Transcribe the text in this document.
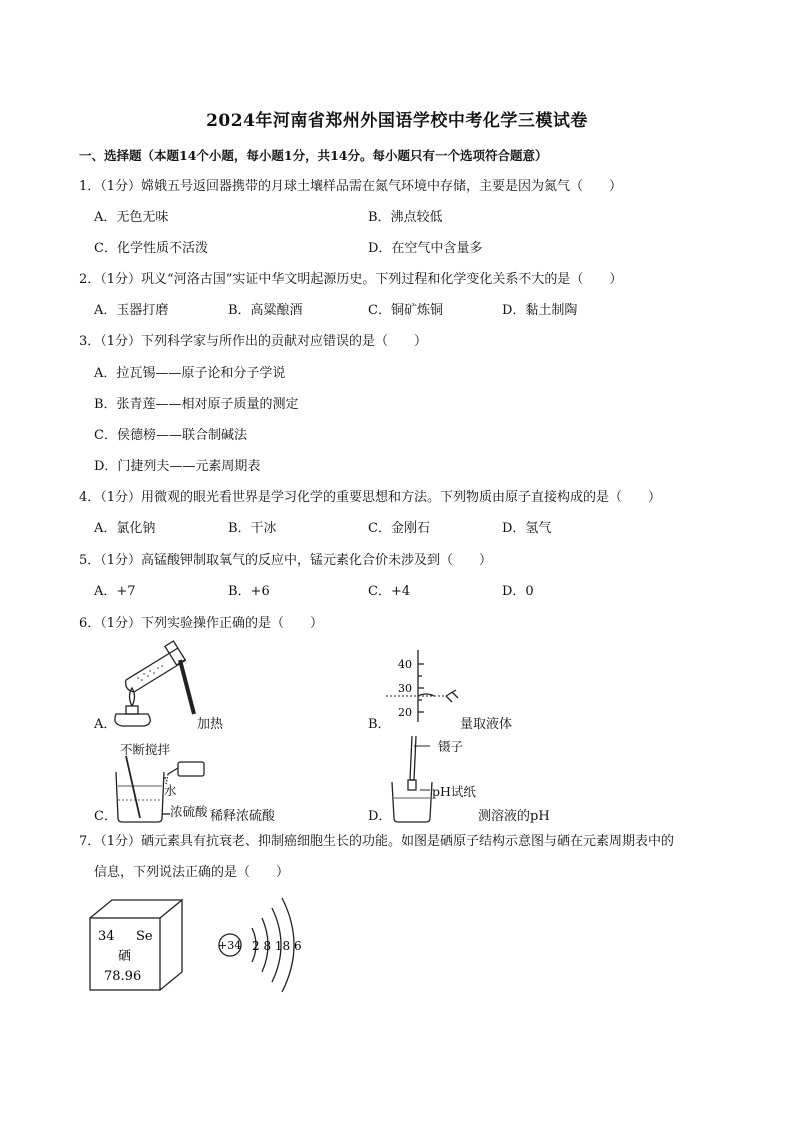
2024年河南省郑州外国语学校中考化学三模试卷
一、选择题（本题14个小题，每小题1分，共14分。每小题只有一个选项符合题意）
1．（1分）嫦娥五号返回器携带的月球土壤样品需在氮气环境中存储，主要是因为氮气（　　）
A．无色无味	B．沸点较低
C．化学性质不活泼	D．在空气中含量多
2．（1分）巩义“河洛古国”实证中华文明起源历史。下列过程和化学变化关系不大的是（　　）
A．玉器打磨	B．高粱酿酒	C．铜矿炼铜	D．黏土制陶
3．（1分）下列科学家与所作出的贡献对应错误的是（　　）
A．拉瓦锡——原子论和分子学说
B．张青莲——相对原子质量的测定
C．侯德榜——联合制碱法
D．门捷列夫——元素周期表
4．（1分）用微观的眼光看世界是学习化学的重要思想和方法。下列物质由原子直接构成的是（　　）
A．氯化钠	B．干冰	C．金刚石	D．氢气
5．（1分）高锰酸钾制取氧气的反应中，锰元素化合价未涉及到（　　）
A．+7	B．+6	C．+4	D．0
6．（1分）下列实验操作正确的是（　　）
A．	加热
40
30
20
B．	量取液体
不断搅拌
水
C．	浓硫酸 稀释浓硫酸
镊子
pH试纸
D．	测溶液的pH
7．（1分）硒元素具有抗衰老、抑制癌细胞生长的功能。如图是硒原子结构示意图与硒在元素周期表中的
信息，下列说法正确的是（　　）
34 Se
硒
78.96
+34 2 8 18 6
